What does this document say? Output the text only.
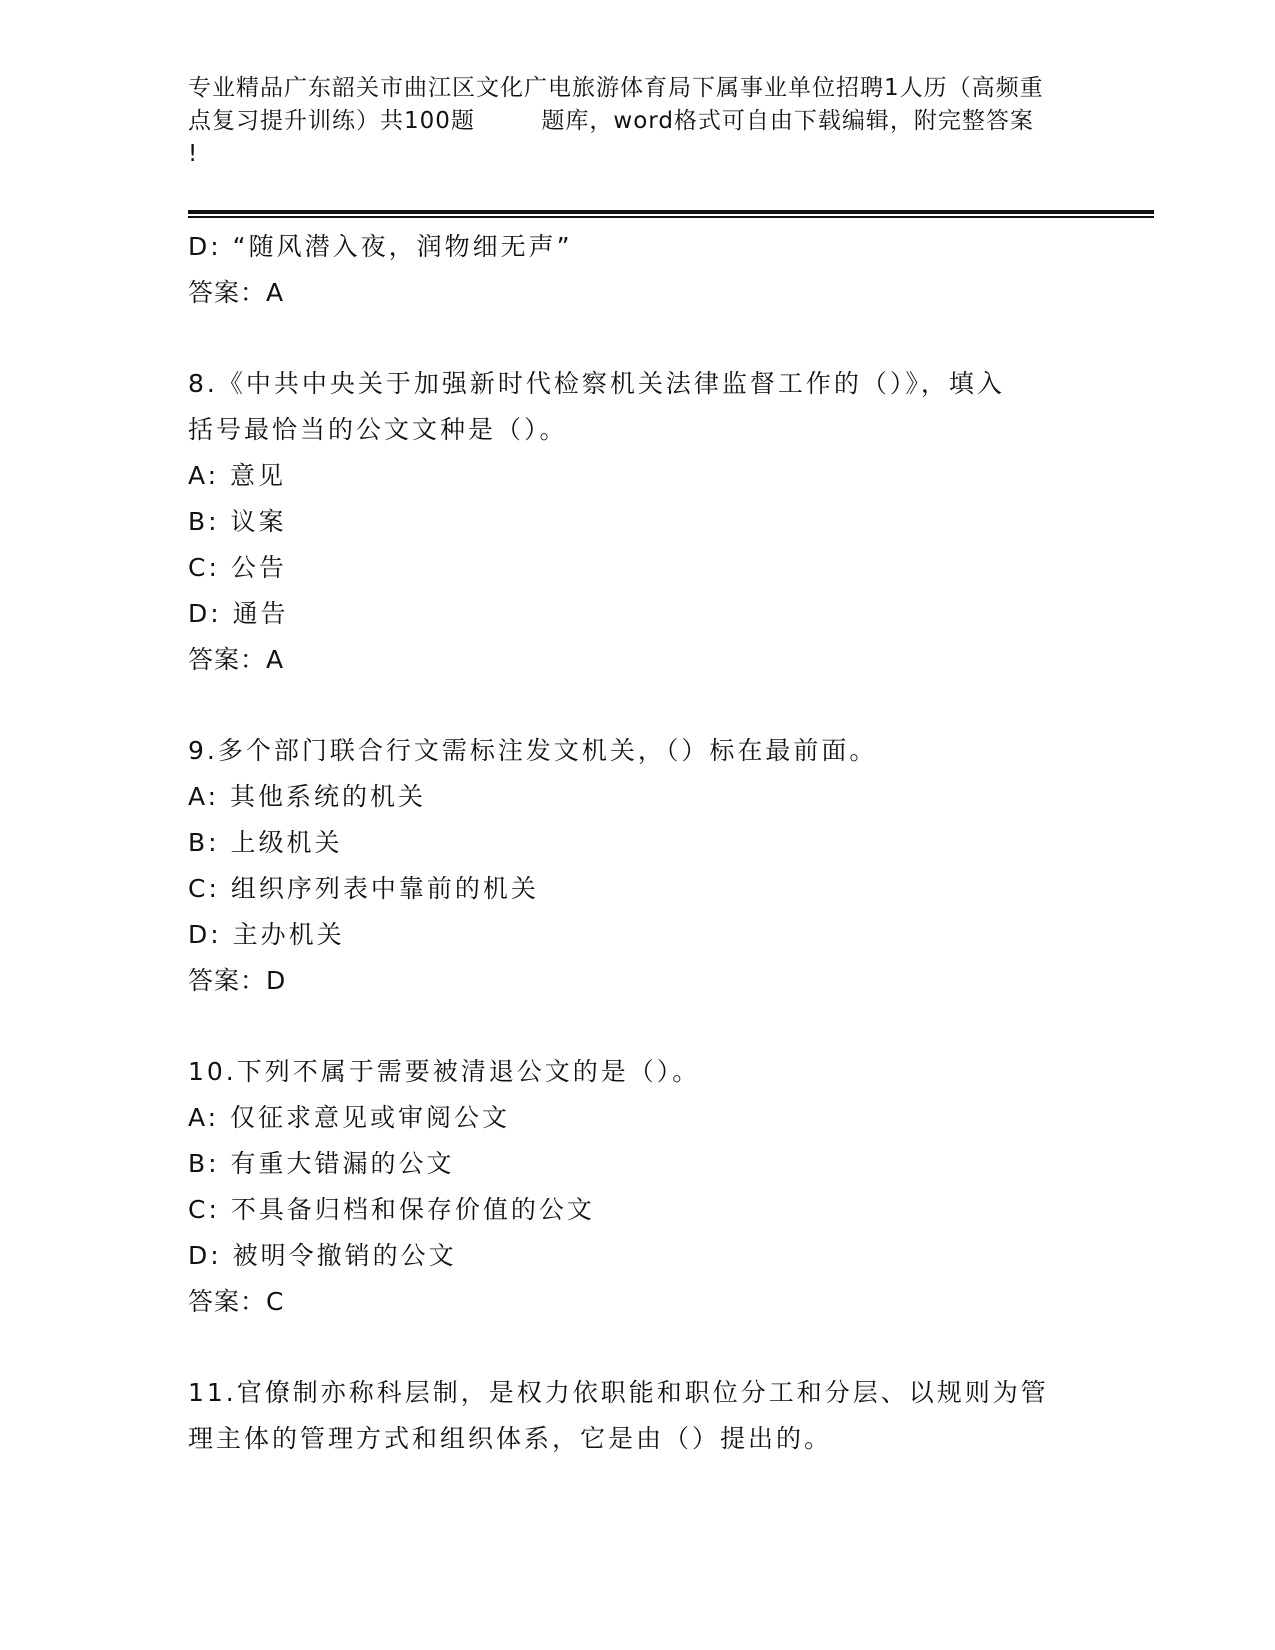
专业精品广东韶关市曲江区文化广电旅游体育局下属事业单位招聘1人历（高频重
点复习提升训练）共100题        题库，word格式可自由下载编辑，附完整答案
!
D: “随风潜入夜，润物细无声”
答案：A
8.《中共中央关于加强新时代检察机关法律监督工作的（）》，填入
括号最恰当的公文文种是（）。
A: 意见
B: 议案
C: 公告
D: 通告
答案：A
9.多个部门联合行文需标注发文机关，（）标在最前面。
A: 其他系统的机关
B: 上级机关
C: 组织序列表中靠前的机关
D: 主办机关
答案：D
10.下列不属于需要被清退公文的是（）。
A: 仅征求意见或审阅公文
B: 有重大错漏的公文
C: 不具备归档和保存价值的公文
D: 被明令撤销的公文
答案：C
11.官僚制亦称科层制，是权力依职能和职位分工和分层、以规则为管
理主体的管理方式和组织体系，它是由（）提出的。
